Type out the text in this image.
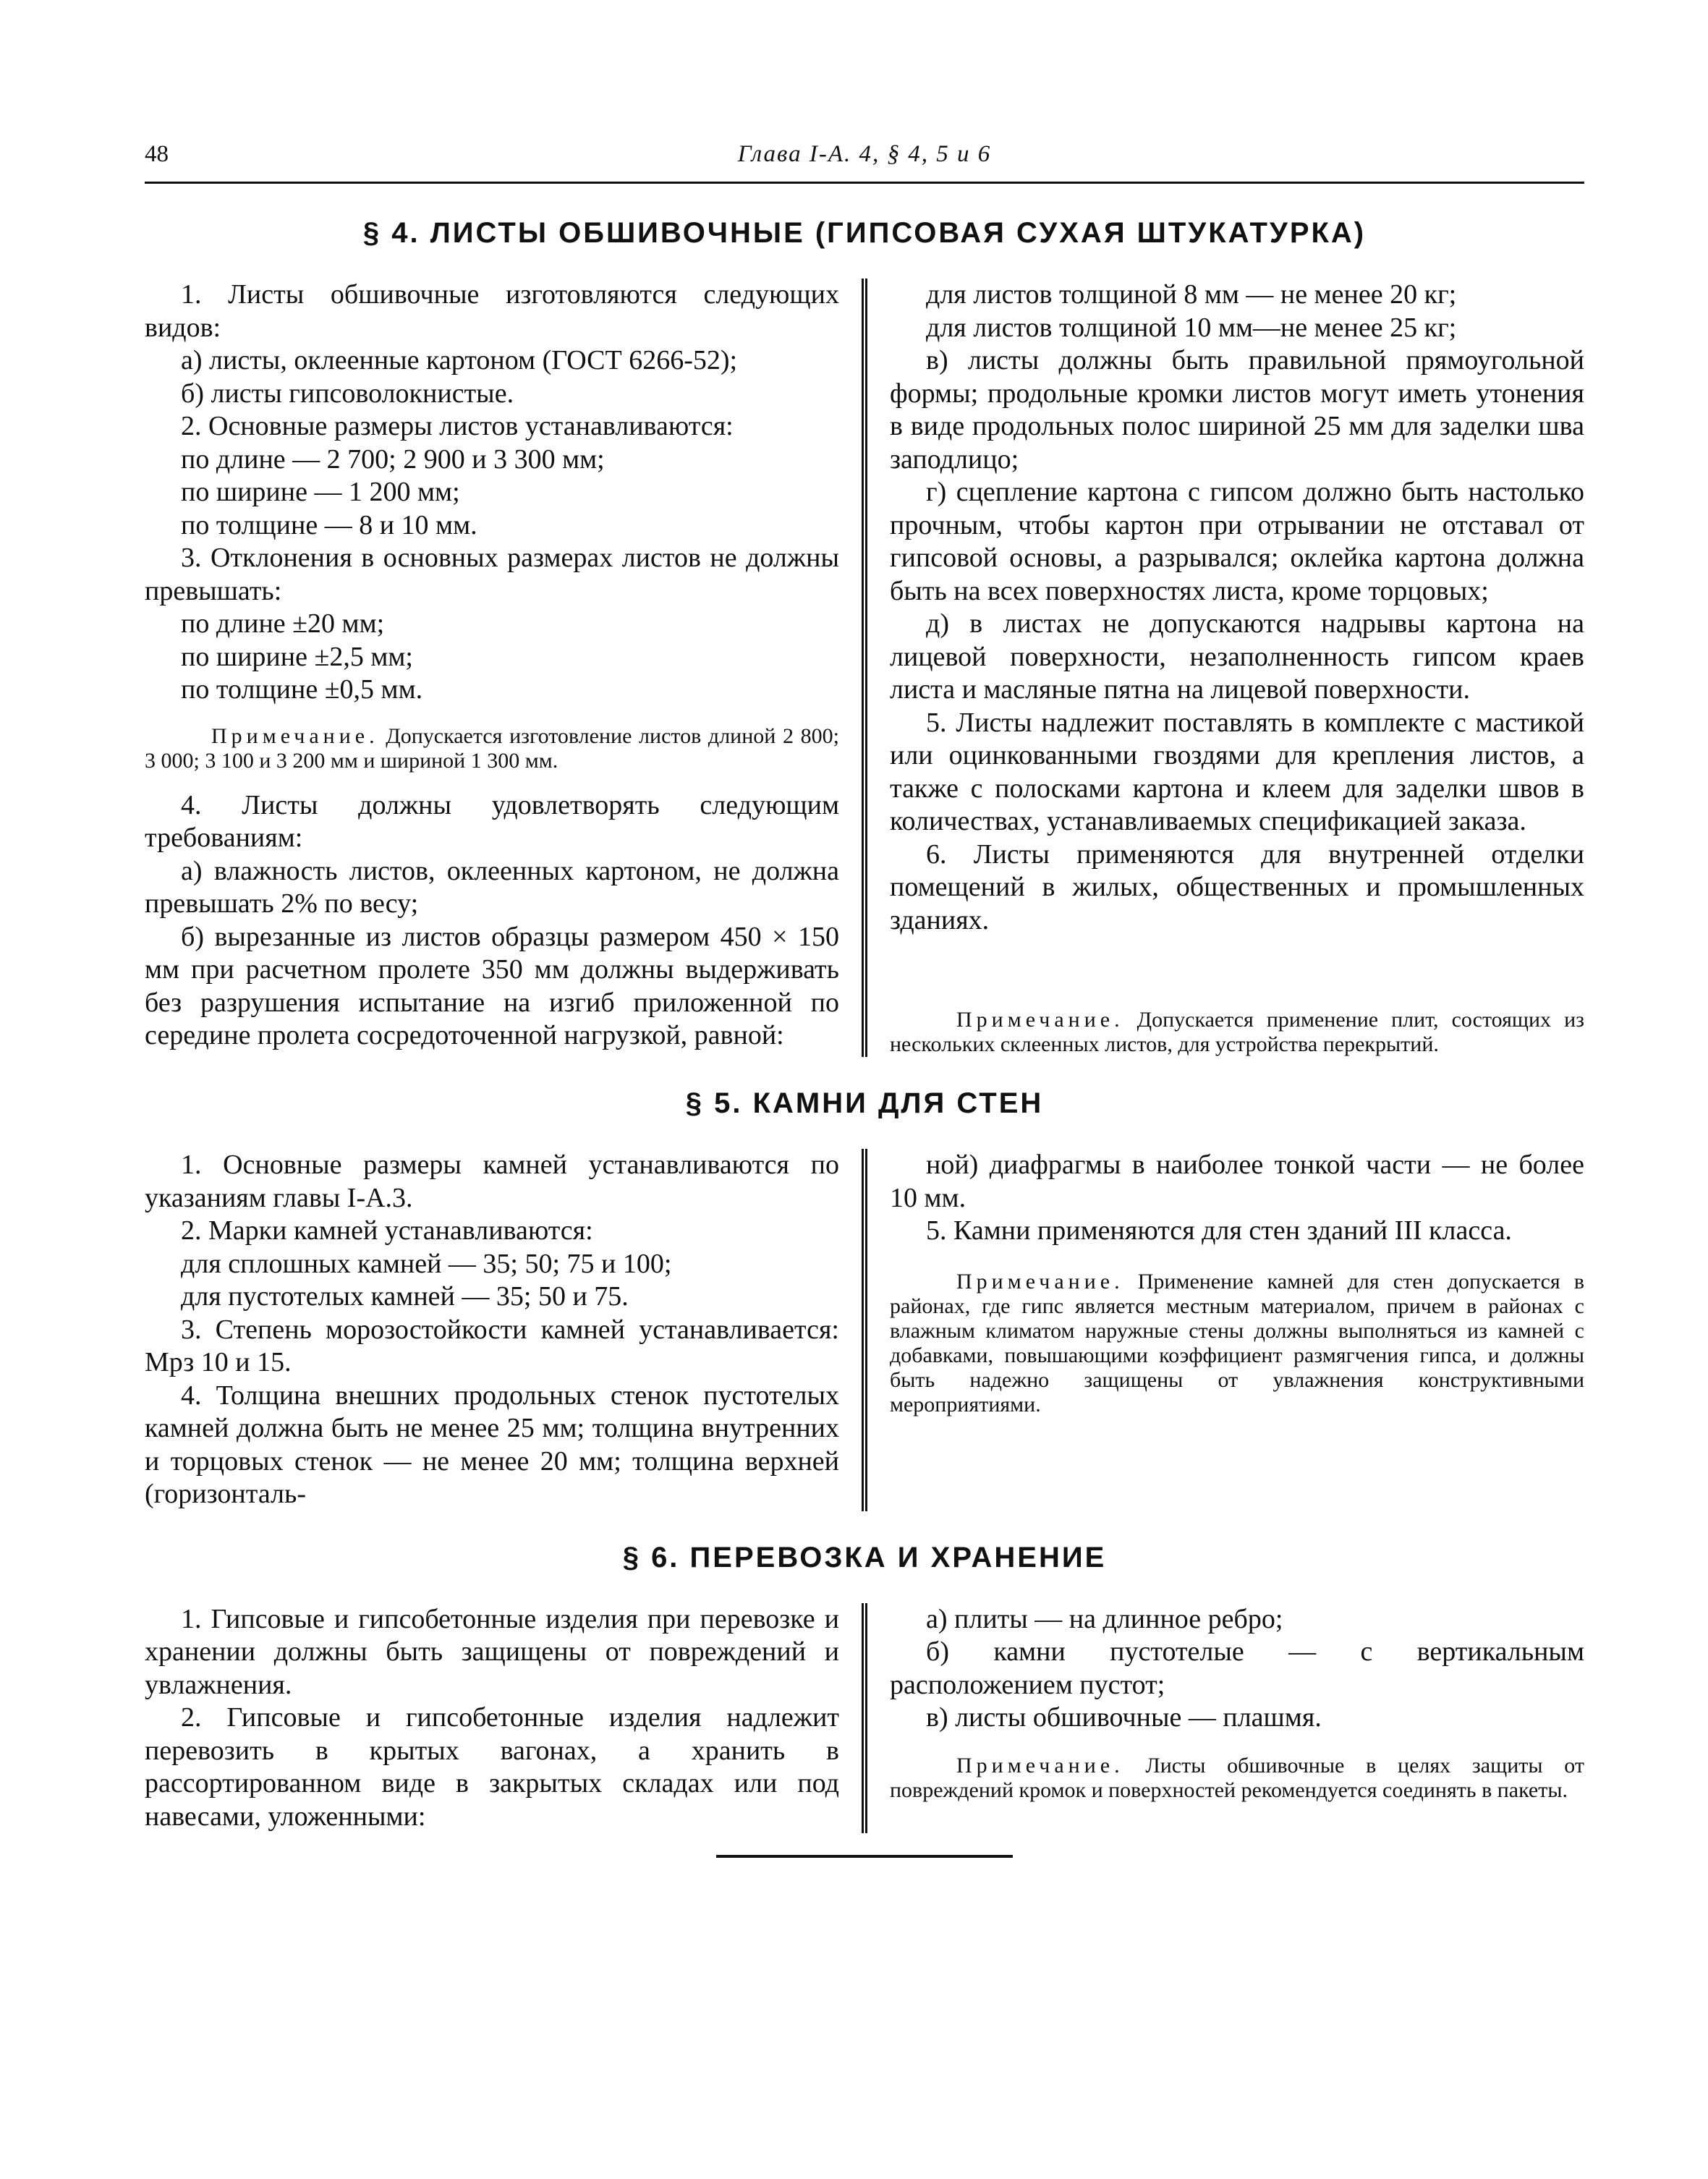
48	Глава I-А. 4, § 4, 5 и 6
§ 4. ЛИСТЫ ОБШИВОЧНЫЕ (ГИПСОВАЯ СУХАЯ ШТУКАТУРКА)

1. Листы обшивочные изготовляются следующих видов:

а) листы, оклеенные картоном (ГОСТ 6266-52);

б) листы гипсоволокнистые.

2. Основные размеры листов устанавливаются:

по длине — 2 700; 2 900 и 3 300 мм;

по ширине — 1 200 мм;

по толщине — 8 и 10 мм.

3. Отклонения в основных размерах листов не должны превышать:

по длине ±20 мм;

по ширине ±2,5 мм;

по толщине ±0,5 мм.

Примечание. Допускается изготовление листов длиной 2 800; 3 000; 3 100 и 3 200 мм и шириной 1 300 мм.

4. Листы должны удовлетворять следующим требованиям:

а) влажность листов, оклеенных картоном, не должна превышать 2% по весу;

б) вырезанные из листов образцы размером 450 × 150 мм при расчетном пролете 350 мм должны выдерживать без разрушения испытание на изгиб приложенной по середине пролета сосредоточенной нагрузкой, равной:

для листов толщиной 8 мм — не менее 20 кг;

для листов толщиной 10 мм—не менее 25 кг;

в) листы должны быть правильной прямоугольной формы; продольные кромки листов могут иметь утонения в виде продольных полос шириной 25 мм для заделки шва заподлицо;

г) сцепление картона с гипсом должно быть настолько прочным, чтобы картон при отрывании не отставал от гипсовой основы, а разрывался; оклейка картона должна быть на всех поверхностях листа, кроме торцовых;

д) в листах не допускаются надрывы картона на лицевой поверхности, незаполненность гипсом краев листа и масляные пятна на лицевой поверхности.

5. Листы надлежит поставлять в комплекте с мастикой или оцинкованными гвоздями для крепления листов, а также с полосками картона и клеем для заделки швов в количествах, устанавливаемых спецификацией заказа.

6. Листы применяются для внутренней отделки помещений в жилых, общественных и промышленных зданиях.

Примечание. Допускается применение плит, состоящих из нескольких склеенных листов, для устройства перекрытий.

§ 5. КАМНИ ДЛЯ СТЕН

1. Основные размеры камней устанавливаются по указаниям главы I-А.3.

2. Марки камней устанавливаются:

для сплошных камней — 35; 50; 75 и 100;

для пустотелых камней — 35; 50 и 75.

3. Степень морозостойкости камней устанавливается: Мрз 10 и 15.

4. Толщина внешних продольных стенок пустотелых камней должна быть не менее 25 мм; толщина внутренних и торцовых стенок — не менее 20 мм; толщина верхней (горизонталь-

ной) диафрагмы в наиболее тонкой части — не более 10 мм.

5. Камни применяются для стен зданий III класса.

Примечание. Применение камней для стен допускается в районах, где гипс является местным материалом, причем в районах с влажным климатом наружные стены должны выполняться из камней с добавками, повышающими коэффициент размягчения гипса, и должны быть надежно защищены от увлажнения конструктивными мероприятиями.

§ 6. ПЕРЕВОЗКА И ХРАНЕНИЕ

1. Гипсовые и гипсобетонные изделия при перевозке и хранении должны быть защищены от повреждений и увлажнения.

2. Гипсовые и гипсобетонные изделия надлежит перевозить в крытых вагонах, а хранить в рассортированном виде в закрытых складах или под навесами, уложенными:

а) плиты — на длинное ребро;

б) камни пустотелые — с вертикальным расположением пустот;

в) листы обшивочные — плашмя.

Примечание. Листы обшивочные в целях защиты от повреждений кромок и поверхностей рекомендуется соединять в пакеты.
